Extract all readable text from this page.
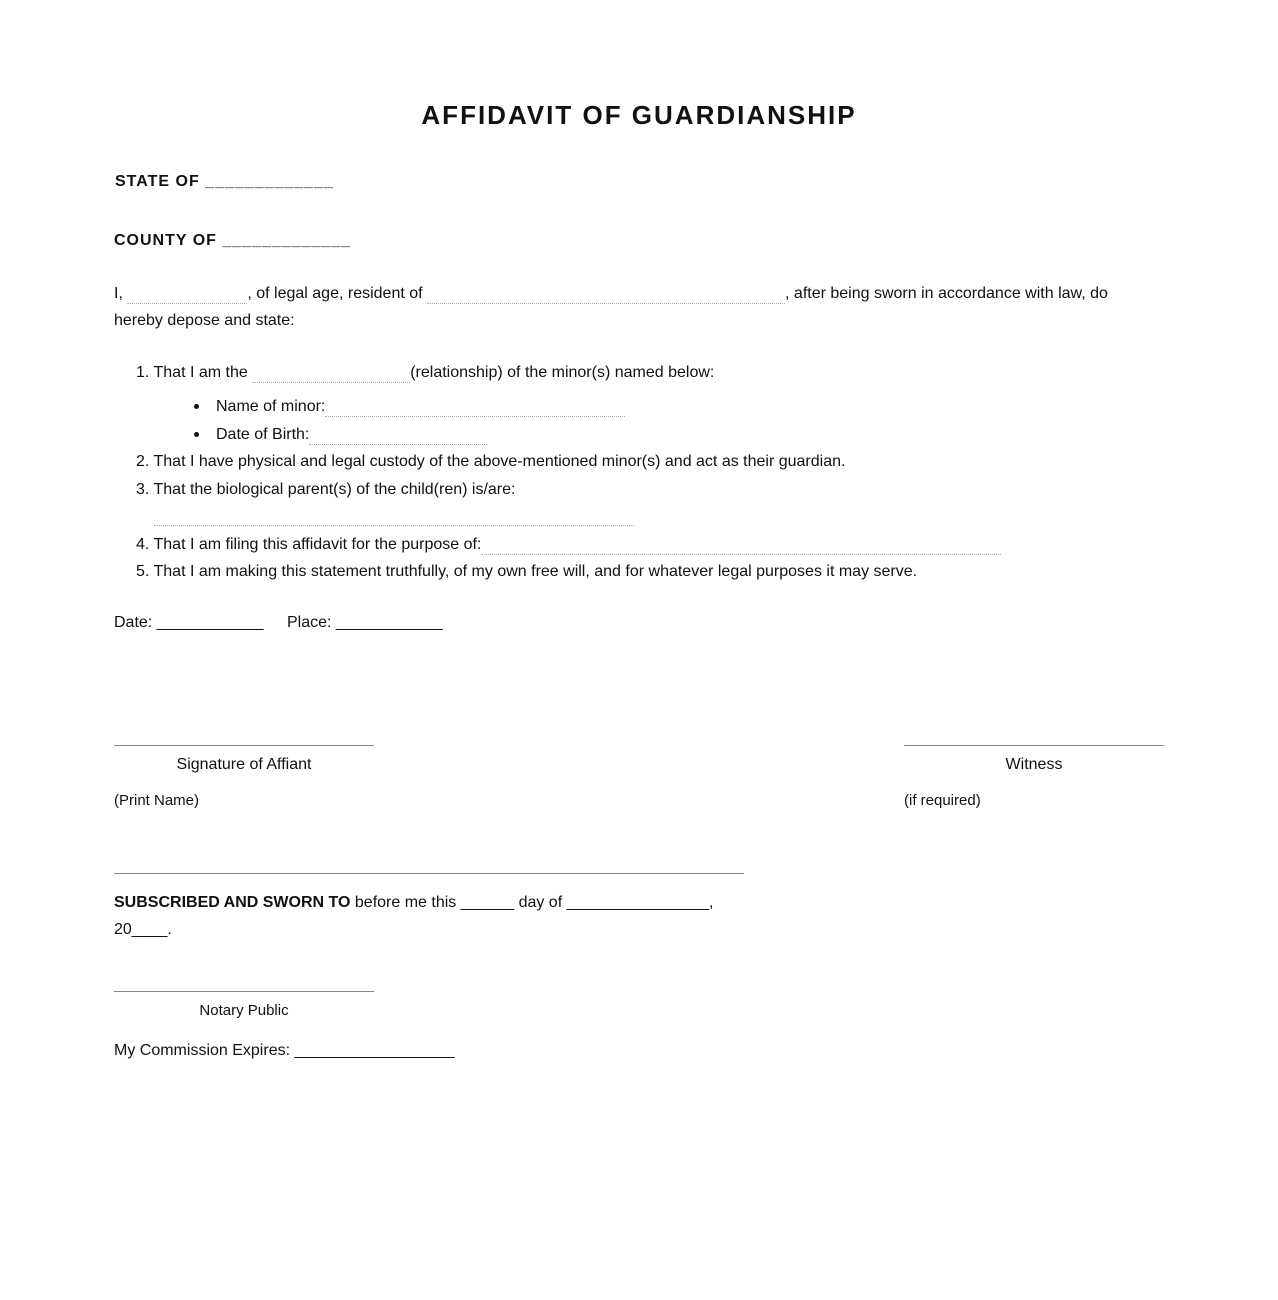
AFFIDAVIT OF GUARDIANSHIP
STATE OF _____________
COUNTY OF _____________
I,	, of legal age, resident of	, after being sworn in accordance with law, do
hereby depose and state:
1. That I am the	(relationship) of the minor(s) named below:
Name of minor:
Date of Birth:
2. That I have physical and legal custody of the above-mentioned minor(s) and act as their guardian.
3. That the biological parent(s) of the child(ren) is/are:
4. That I am filing this affidavit for the purpose of:
5. That I am making this statement truthfully, of my own free will, and for whatever legal purposes it may serve.
Date: ____________ Place: ____________
Signature of Affiant
(Print Name)
Witness
(if required)
SUBSCRIBED AND SWORN TO before me this ______ day of ________________,
20____.
Notary Public
My Commission Expires: __________________
